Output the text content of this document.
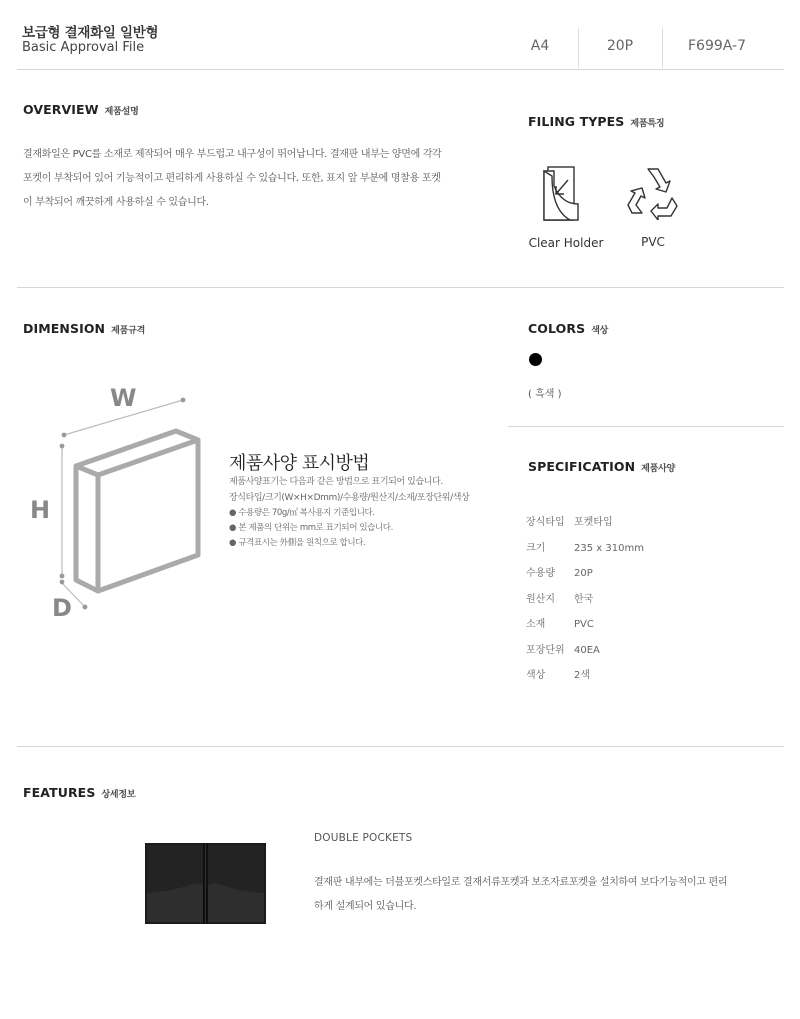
보급형 결재화일 일반형
Basic Approval File	A4	20P	F699A-7
OVERVIEW 제품설명
결재화일은 PVC를 소재로 제작되어 매우 부드럽고 내구성이 뛰어납니다. 결재판 내부는 양면에 각각
포켓이 부착되어 있어 기능적이고 편리하게 사용하실 수 있습니다. 또한, 표지 앞 부분에 명찰용 포켓
이 부착되어 깨끗하게 사용하실 수 있습니다.
FILING TYPES 제품특징
Clear Holder	PVC
DIMENSION 제품규격
W
H
D
제품사양 표시방법
제품사양표기는 다음과 같은 방법으로 표기되어 있습니다.
장식타입/크기(W×H×Dmm)/수용량/원산지/소재/포장단위/색상
● 수용량은 70g/㎡ 복사용지 기준입니다.
● 본 제품의 단위는 mm로 표기되어 있습니다.
● 규격표시는 外側을 원칙으로 합니다.
COLORS 색상
( 흑색 )
SPECIFICATION 제품사양
장식타입 포켓타입
크기	235 x 310mm
수용량 20P
원산지 한국
소재	PVC
포장단위 40EA
색상	2색
FEATURES 상세정보
DOUBLE POCKETS
결재판 내부에는 더블포켓스타일로 결재서류포켓과 보조자료포켓을 설치하여 보다기능적이고 편리
하게 설계되어 있습니다.
